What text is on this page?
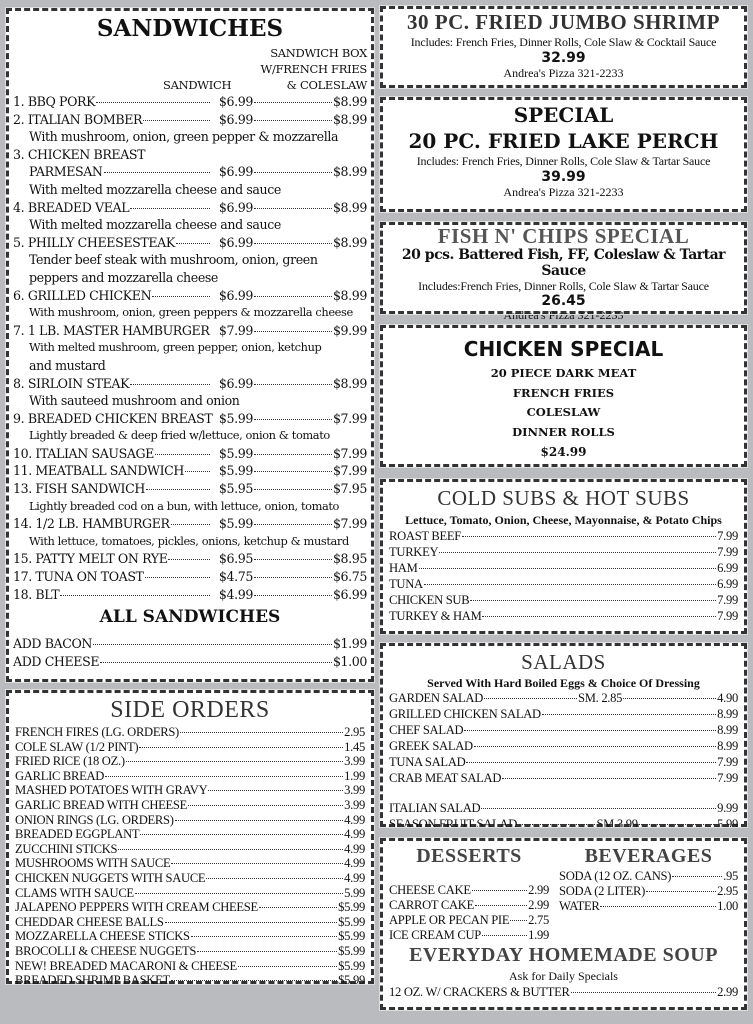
SANDWICHES
SANDWICH BOX
W/FRENCH FRIES
SANDWICH	& COLESLAW
1. BBQ PORK	$6.99	$8.99
2. ITALIAN BOMBER	$6.99	$8.99
With mushroom, onion, green pepper & mozzarella
3. CHICKEN BREAST
PARMESAN	$6.99	$8.99
With melted mozzarella cheese and sauce
4. BREADED VEAL	$6.99	$8.99
With melted mozzarella cheese and sauce
5. PHILLY CHEESESTEAK	$6.99	$8.99
Tender beef steak with mushroom, onion, green
peppers and mozzarella cheese
6. GRILLED CHICKEN	$6.99	$8.99
With mushroom, onion, green peppers & mozzarella cheese
7. 1 LB. MASTER HAMBURGER $7.99	$9.99
With melted mushroom, green pepper, onion, ketchup
and mustard
8. SIRLOIN STEAK	$6.99	$8.99
With sauteed mushroom and onion
9. BREADED CHICKEN BREAST $5.99	$7.99
Lightly breaded & deep fried w/lettuce, onion & tomato
10. ITALIAN SAUSAGE	$5.99	$7.99
11. MEATBALL SANDWICH	$5.99	$7.99
13. FISH SANDWICH	$5.95	$7.95
Lightly breaded cod on a bun, with lettuce, onion, tomato
14. 1/2 LB. HAMBURGER	$5.99	$7.99
With lettuce, tomatoes, pickles, onions, ketchup & mustard
15. PATTY MELT ON RYE	$6.95	$8.95
17. TUNA ON TOAST	$4.75	$6.75
18. BLT	$4.99	$6.99
ALL SANDWICHES
ADD BACON	$1.99
ADD CHEESE	$1.00
SIDE ORDERS
FRENCH FIRES (LG. ORDERS)	2.95
COLE SLAW (1/2 PINT)	1.45
FRIED RICE (18 OZ.)	3.99
GARLIC BREAD	1.99
MASHED POTATOES WITH GRAVY	3.99
GARLIC BREAD WITH CHEESE	3.99
ONION RINGS (LG. ORDERS)	4.99
BREADED EGGPLANT	4.99
ZUCCHINI STICKS	4.99
MUSHROOMS WITH SAUCE	4.99
CHICKEN NUGGETS WITH SAUCE	4.99
CLAMS WITH SAUCE	5.99
JALAPENO PEPPERS WITH CREAM CHEESE	$5.99
CHEDDAR CHEESE BALLS	$5.99
MOZZARELLA CHEESE STICKS	$5.99
BROCOLLI & CHEESE NUGGETS	$5.99
NEW! BREADED MACARONI & CHEESE	$5.99
BREADED SHRIMP BASKET	$5.99
30 PC. FRIED JUMBO SHRIMP
Includes: French Fries, Dinner Rolls, Cole Slaw & Cocktail Sauce
32.99
Andrea's Pizza 321-2233
SPECIAL
20 PC. FRIED LAKE PERCH
Includes: French Fries, Dinner Rolls, Cole Slaw & Tartar Sauce
39.99
Andrea's Pizza 321-2233
FISH N' CHIPS SPECIAL
20 pcs. Battered Fish, FF, Coleslaw & Tartar Sauce
Includes:French Fries, Dinner Rolls, Cole Slaw & Tartar Sauce
26.45
Andrea's Pizza 321-2233
CHICKEN SPECIAL
20 PIECE DARK MEAT
FRENCH FRIES
COLESLAW
DINNER ROLLS
$24.99
COLD SUBS & HOT SUBS
Lettuce, Tomato, Onion, Cheese, Mayonnaise, & Potato Chips
ROAST BEEF	7.99
TURKEY	7.99
HAM	6.99
TUNA	6.99
CHICKEN SUB	7.99
TURKEY & HAM	7.99
SALADS
Served With Hard Boiled Eggs & Choice Of Dressing
GARDEN SALAD	SM. 2.85	4.90
GRILLED CHICKEN SALAD	8.99
CHEF SALAD	8.99
GREEK SALAD	8.99
TUNA SALAD	7.99
CRAB MEAT SALAD	7.99
ITALIAN SALAD	9.99
SEASON FRUIT SALAD	SM.3.99	5.99
DESSERTS
CHEESE CAKE	2.99
CARROT CAKE	2.99
APPLE OR PECAN PIE 2.75
ICE CREAM CUP	1.99
BEVERAGES
SODA (12 OZ. CANS)	.95
SODA (2 LITER)	2.95
WATER	1.00
EVERYDAY HOMEMADE SOUP
Ask for Daily Specials
12 OZ. W/ CRACKERS & BUTTER	2.99
